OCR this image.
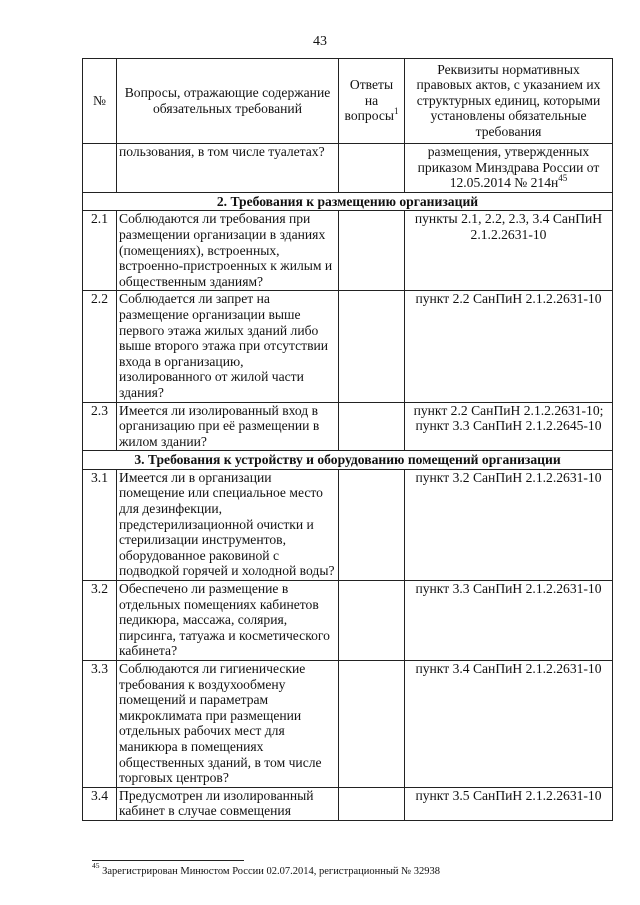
43
№	Вопросы, отражающие содержание обязательных требований	Ответы на вопросы$^1$	Реквизиты нормативных правовых актов, с указанием их структурных единиц, которыми установлены обязательные требования
	пользования, в том числе туалетах?		размещения, утвержденных приказом Минздрава России от 12.05.2014 № $214н^{45}$
2. Требования к размещению организаций			
2.1	Соблюдаются ли требования при размещении организации в зданиях (помещениях), встроенных, встроенно-пристроенных к жилым и общественным зданиям?		пункты 2.1, 2.2, 2.3, 3.4 СанПиН 2.1.2.2631-10
2.2	Соблюдается ли запрет на размещение организации выше первого этажа жилых зданий либо выше второго этажа при отсутствии входа в организацию, изолированного от жилой части здания?		пункт 2.2 СанПиН 2.1.2.2631-10
2.3	Имеется ли изолированный вход в организацию при её размещении в жилом здании?		пункт 2.2 СанПиН 2.1.2.2631-10; пункт 3.3 СанПиН 2.1.2.2645-10
3. Требования к устройству и оборудованию помещений организации			
3.1	Имеется ли в организации помещение или специальное место для дезинфекции, предстерилизационной очистки и стерилизации инструментов, оборудованное раковиной с подводкой горячей и холодной воды?		пункт 3.2 СанПиН 2.1.2.2631-10
3.2	Обеспечено ли размещение в отдельных помещениях кабинетов педикюра, массажа, солярия, пирсинга, татуажа и косметического кабинета?		пункт 3.3 СанПиН 2.1.2.2631-10
3.3	Соблюдаются ли гигиенические требования к воздухообмену помещений и параметрам микроклимата при размещении отдельных рабочих мест для маникюра в помещениях общественных зданий, в том числе торговых центров?		пункт 3.4 СанПиН 2.1.2.2631-10
3.4	Предусмотрен ли изолированный кабинет в случае совмещения		пункт 3.5 СанПиН 2.1.2.2631-10
$^{45}$ Зарегистрирован Минюстом России 02.07.2014, регистрационный № 32938
